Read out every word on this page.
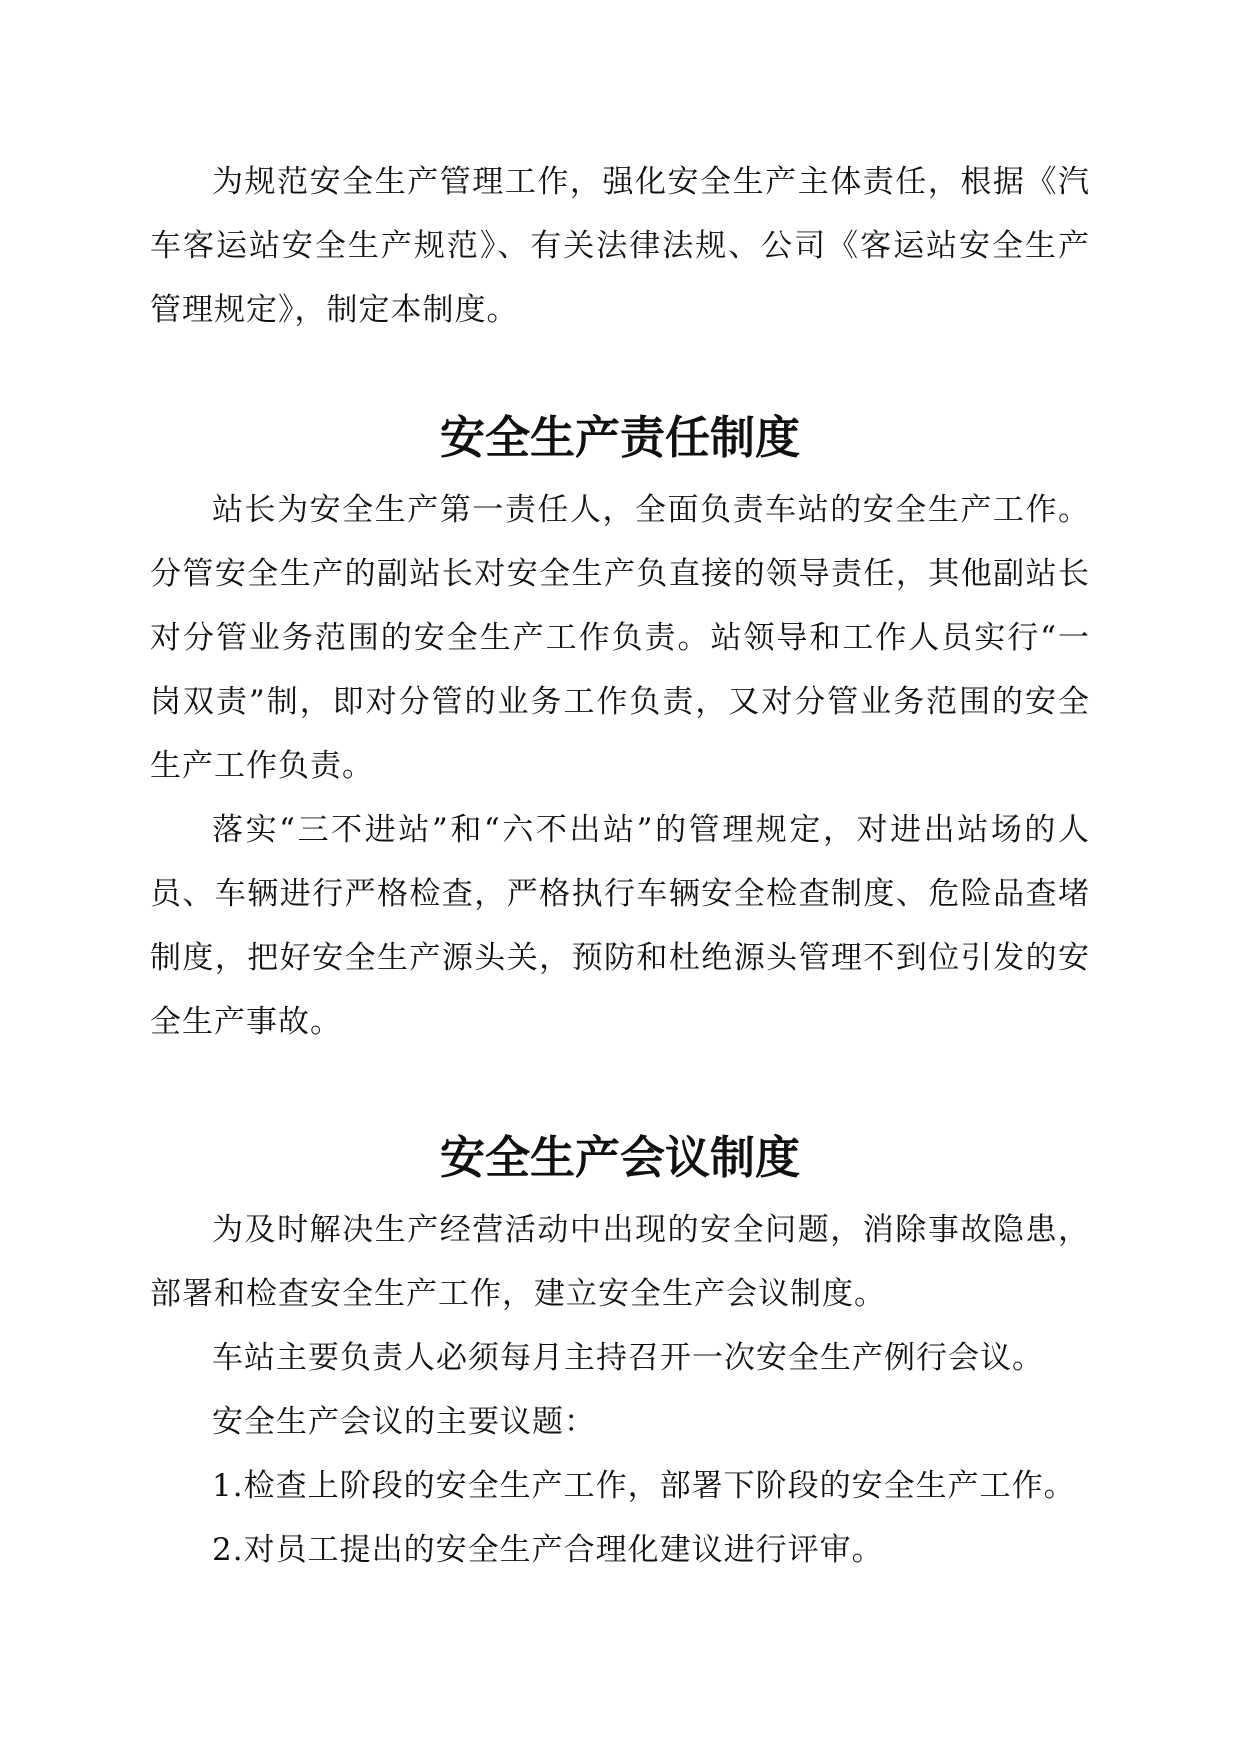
为规范安全生产管理工作，强化安全生产主体责任，根据《汽车客运站安全生产规范》、有关法律法规、公司《客运站安全生产管理规定》，制定本制度。

安全生产责任制度

站长为安全生产第一责任人，全面负责车站的安全生产工作。分管安全生产的副站长对安全生产负直接的领导责任，其他副站长对分管业务范围的安全生产工作负责。站领导和工作人员实行“一岗双责”制，即对分管的业务工作负责，又对分管业务范围的安全生产工作负责。

落实“三不进站”和“六不出站”的管理规定，对进出站场的人员、车辆进行严格检查，严格执行车辆安全检查制度、危险品查堵制度，把好安全生产源头关，预防和杜绝源头管理不到位引发的安全生产事故。

安全生产会议制度

为及时解决生产经营活动中出现的安全问题，消除事故隐患，部署和检查安全生产工作，建立安全生产会议制度。

车站主要负责人必须每月主持召开一次安全生产例行会议。

安全生产会议的主要议题：

1.检查上阶段的安全生产工作，部署下阶段的安全生产工作。

2.对员工提出的安全生产合理化建议进行评审。
